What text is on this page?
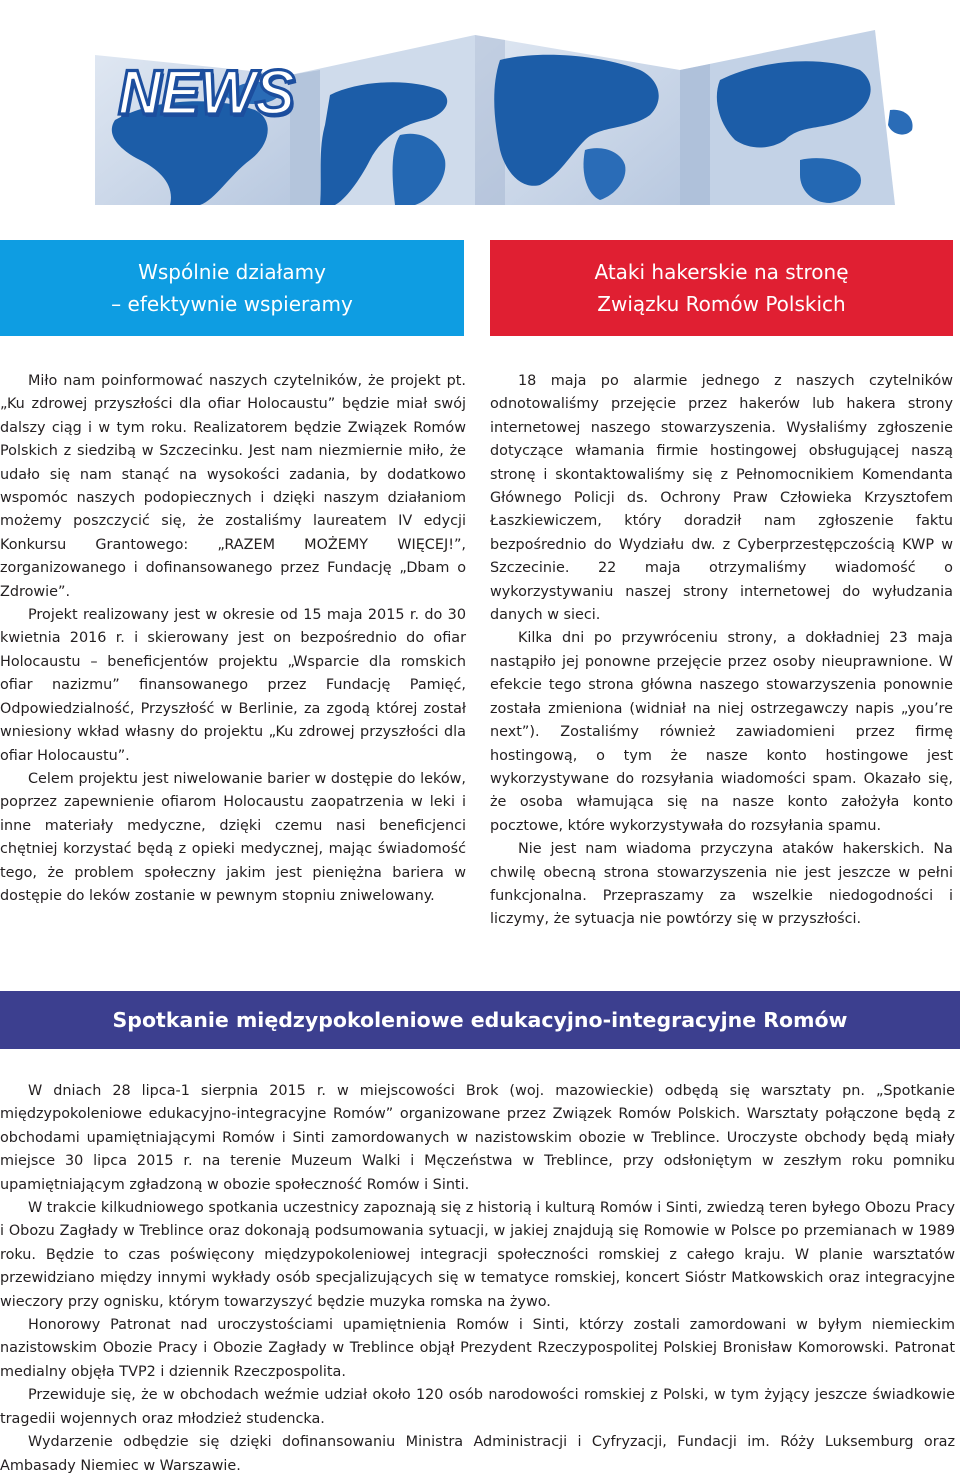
NEWS
Wspólnie działamy
– efektywnie wspieramy
Ataki hakerskie na stronę
Związku Romów Polskich

Miło nam poinformować naszych czytelników, że projekt pt. „Ku zdrowej przyszłości dla ofiar Holocaustu” będzie miał swój dalszy ciąg i w tym roku. Realizatorem będzie Związek Romów Polskich z siedzibą w Szczecinku. Jest nam niezmiernie miło, że udało się nam stanąć na wysokości zadania, by dodatkowo wspomóc naszych podopiecznych i dzięki naszym działaniom możemy poszczycić się, że zostaliśmy laureatem IV edycji Konkursu Grantowego: „RAZEM MOŻEMY WIĘCEJ!”, zorganizowanego i dofinansowanego przez Fundację „Dbam o Zdrowie”.

Projekt realizowany jest w okresie od 15 maja 2015 r. do 30 kwietnia 2016 r. i skierowany jest on bezpośrednio do ofiar Holocaustu – beneficjentów projektu „Wsparcie dla romskich ofiar nazizmu” finansowanego przez Fundację Pamięć, Odpowiedzialność, Przyszłość w Berlinie, za zgodą której został wniesiony wkład własny do projektu „Ku zdrowej przyszłości dla ofiar Holocaustu”.

Celem projektu jest niwelowanie barier w dostępie do leków, poprzez zapewnienie ofiarom Holocaustu zaopatrzenia w leki i inne materiały medyczne, dzięki czemu nasi beneficjenci chętniej korzystać będą z opieki medycznej, mając świadomość tego, że problem społeczny jakim jest pieniężna bariera w dostępie do leków zostanie w pewnym stopniu zniwelowany.

18 maja po alarmie jednego z naszych czytelników odnotowaliśmy przejęcie przez hakerów lub hakera strony internetowej naszego stowarzyszenia. Wysłaliśmy zgłoszenie dotyczące włamania firmie hostingowej obsługującej naszą stronę i skontaktowaliśmy się z Pełnomocnikiem Komendanta Głównego Policji ds. Ochrony Praw Człowieka Krzysztofem Łaszkiewiczem, który doradził nam zgłoszenie faktu bezpośrednio do Wydziału dw. z Cyberprzestępczością KWP w Szczecinie. 22 maja otrzymaliśmy wiadomość o wykorzystywaniu naszej strony internetowej do wyłudzania danych w sieci.

Kilka dni po przywróceniu strony, a dokładniej 23 maja nastąpiło jej ponowne przejęcie przez osoby nieuprawnione. W efekcie tego strona główna naszego stowarzyszenia ponownie została zmieniona (widniał na niej ostrzegawczy napis „you’re next”). Zostaliśmy również zawiadomieni przez firmę hostingową, o tym że nasze konto hostingowe jest wykorzystywane do rozsyłania wiadomości spam. Okazało się, że osoba włamująca się na nasze konto założyła konto pocztowe, które wykorzystywała do rozsyłania spamu.

Nie jest nam wiadoma przyczyna ataków hakerskich. Na chwilę obecną strona stowarzyszenia nie jest jeszcze w pełni funkcjonalna. Przepraszamy za wszelkie niedogodności i liczymy, że sytuacja nie powtórzy się w przyszłości.

Spotkanie międzypokoleniowe edukacyjno-integracyjne Romów

W dniach 28 lipca-1 sierpnia 2015 r. w miejscowości Brok (woj. mazowieckie) odbędą się warsztaty pn. „Spotkanie międzypokoleniowe edukacyjno-integracyjne Romów” organizowane przez Związek Romów Polskich. Warsztaty połączone będą z obchodami upamiętniającymi Romów i Sinti zamordowanych w nazistowskim obozie w Treblince. Uroczyste obchody będą miały miejsce 30 lipca 2015 r. na terenie Muzeum Walki i Męczeństwa w Treblince, przy odsłoniętym w zeszłym roku pomniku upamiętniającym zgładzoną w obozie społeczność Romów i Sinti.

W trakcie kilkudniowego spotkania uczestnicy zapoznają się z historią i kulturą Romów i Sinti, zwiedzą teren byłego Obozu Pracy i Obozu Zagłady w Treblince oraz dokonają podsumowania sytuacji, w jakiej znajdują się Romowie w Polsce po przemianach w 1989 roku. Będzie to czas poświęcony międzypokoleniowej integracji społeczności romskiej z całego kraju. W planie warsztatów przewidziano między innymi wykłady osób specjalizujących się w tematyce romskiej, koncert Sióstr Matkowskich oraz integracyjne wieczory przy ognisku, którym towarzyszyć będzie muzyka romska na żywo.

Honorowy Patronat nad uroczystościami upamiętnienia Romów i Sinti, którzy zostali zamordowani w byłym niemieckim nazistowskim Obozie Pracy i Obozie Zagłady w Treblince objął Prezydent Rzeczypospolitej Polskiej Bronisław Komorowski. Patronat medialny objęła TVP2 i dziennik Rzeczpospolita.

Przewiduje się, że w obchodach weźmie udział około 120 osób narodowości romskiej z Polski, w tym żyjący jeszcze świadkowie tragedii wojennych oraz młodzież studencka.

Wydarzenie odbędzie się dzięki dofinansowaniu Ministra Administracji i Cyfryzacji, Fundacji im. Róży Luksemburg oraz Ambasady Niemiec w Warszawie.
